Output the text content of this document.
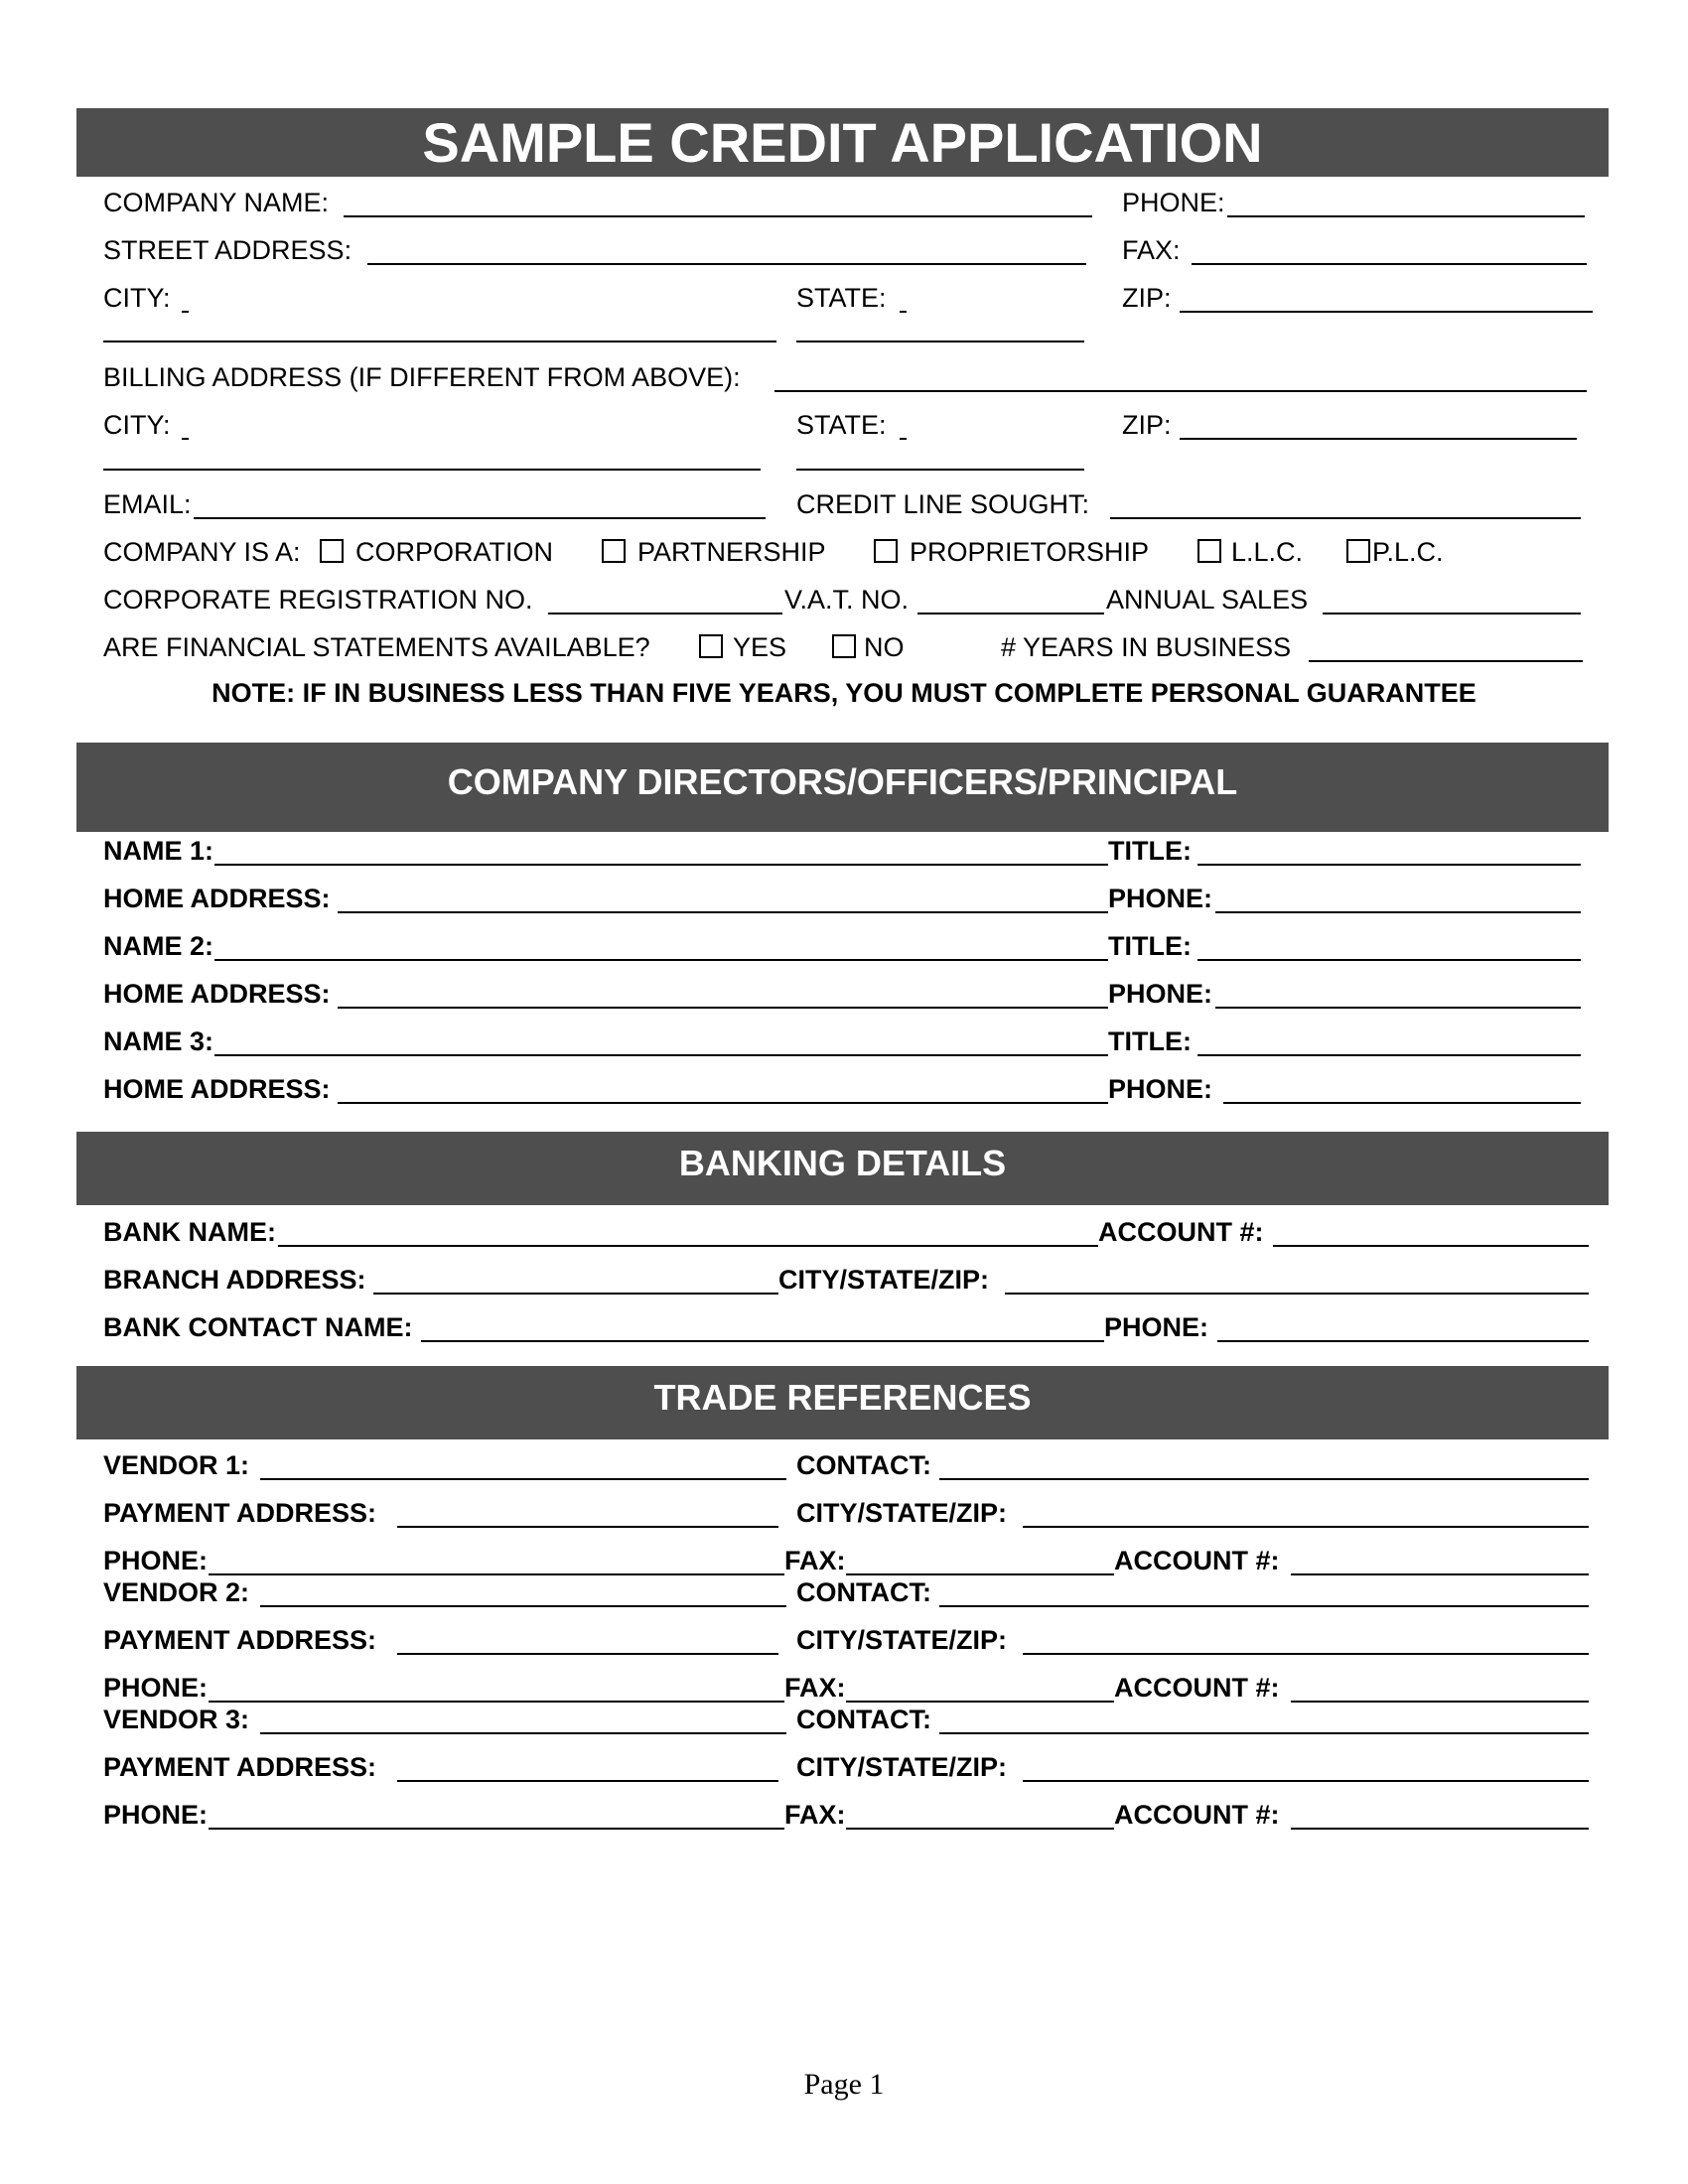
SAMPLE CREDIT APPLICATION
COMPANY NAME:	PHONE:
STREET ADDRESS:	FAX:
CITY:	STATE:	ZIP:
BILLING ADDRESS (IF DIFFERENT FROM ABOVE):
CITY:	STATE:	ZIP:
EMAIL:	CREDIT LINE SOUGHT:
COMPANY IS A: CORPORATION	PARTNERSHIP	PROPRIETORSHIP	L.L.C.	P.L.C.
CORPORATE REGISTRATION NO.	V.A.T. NO.	ANNUAL SALES
ARE FINANCIAL STATEMENTS AVAILABLE?	YES	NO	# YEARS IN BUSINESS
NOTE: IF IN BUSINESS LESS THAN FIVE YEARS, YOU MUST COMPLETE PERSONAL GUARANTEE
COMPANY DIRECTORS/OFFICERS/PRINCIPAL
NAME 1:	TITLE:
HOME ADDRESS:	PHONE:
NAME 2:	TITLE:
HOME ADDRESS:	PHONE:
NAME 3:	TITLE:
HOME ADDRESS:	PHONE:
BANKING DETAILS
BANK NAME:	ACCOUNT #:
BRANCH ADDRESS:	CITY/STATE/ZIP:
BANK CONTACT NAME:	PHONE:
TRADE REFERENCES
VENDOR 1:	CONTACT:
PAYMENT ADDRESS:	CITY/STATE/ZIP:
PHONE:	FAX:	ACCOUNT #:
VENDOR 2:	CONTACT:
PAYMENT ADDRESS:	CITY/STATE/ZIP:
PHONE:	FAX:	ACCOUNT #:
VENDOR 3:	CONTACT:
PAYMENT ADDRESS:	CITY/STATE/ZIP:
PHONE:	FAX:	ACCOUNT #:
Page 1
